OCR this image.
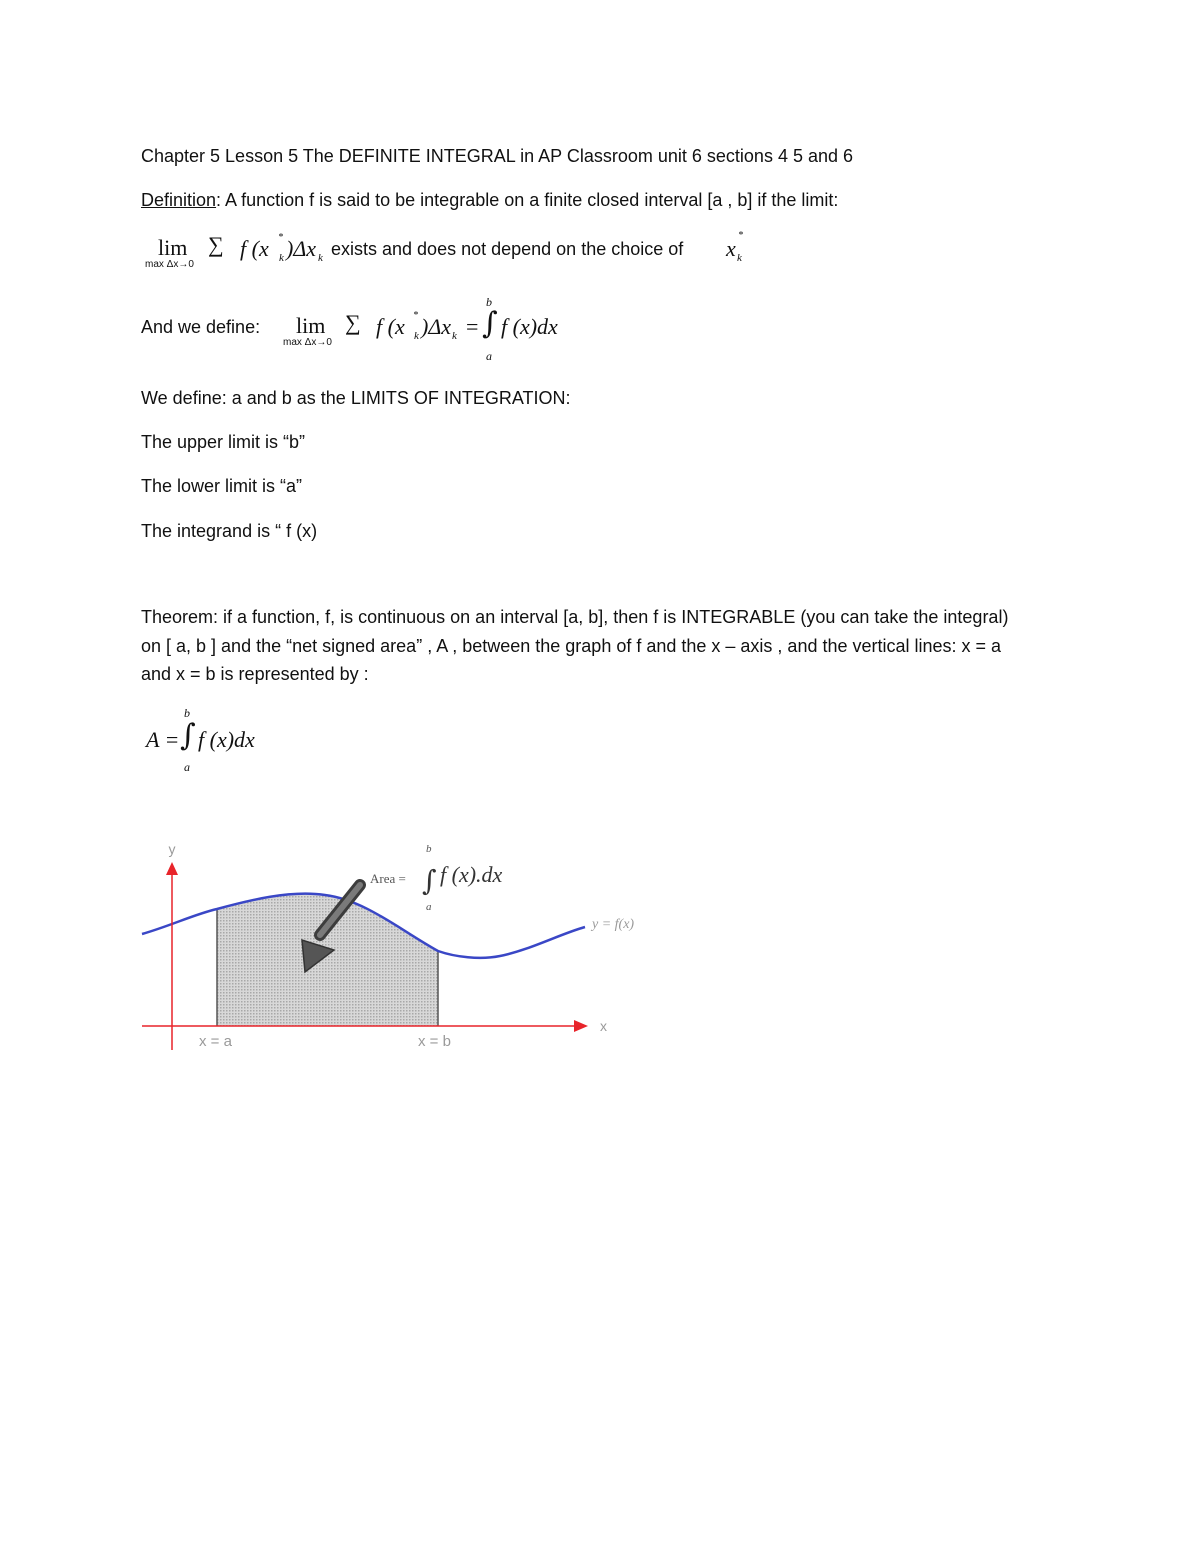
Chapter 5 Lesson 5 The DEFINITE INTEGRAL in AP Classroom unit 6 sections 4 5 and 6
Definition: A function f is said to be integrable on a finite closed interval [a , b] if the limit:
lim
max Δx→0
∑ f (x *
k )Δx k exists and does not depend on the choice of x
*
k
And we define: lim
max Δx→0
∑ f (x *
k )Δx k =
b
∫
a
f (x)dx
We define: a and b as the LIMITS OF INTEGRATION:
The upper limit is “b”
The lower limit is “a”
The integrand is “ f (x)
Theorem: if a function, f, is continuous on an interval [a, b], then f is INTEGRABLE (you can take the integral) on [ a, b ] and the “net signed area” , A , between the graph of f and the x – axis , and the vertical lines: x = a and x = b is represented by :
A =
b
∫
a
f (x)dx
y
x
x = a	x = b
y = f(x)
Area =
b
∫
a
f (x).dx
